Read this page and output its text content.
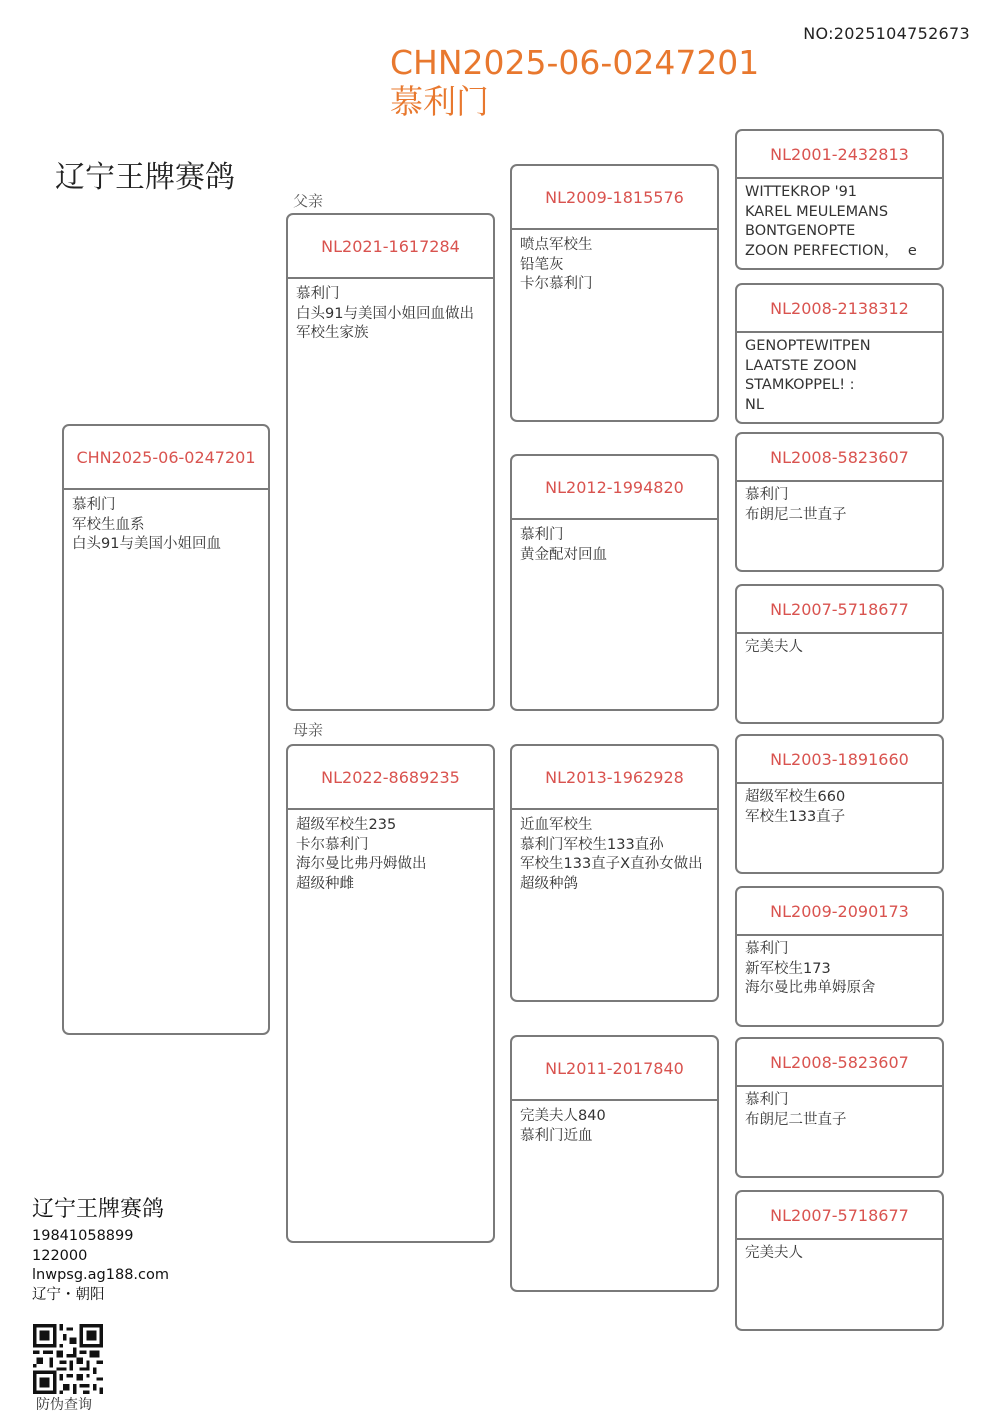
NO:2025104752673
CHN2025-06-0247201
慕利门
辽宁王牌赛鸽
父亲
母亲
CHN2025-06-0247201
慕利门
军校生血系
白头91与美国小姐回血
NL2021-1617284
慕利门
白头91与美国小姐回血做出
军校生家族
NL2022-8689235
超级军校生235
卡尔慕利门
海尔曼比弗丹姆做出
超级种雌
NL2009-1815576
喷点军校生
铅笔灰
卡尔慕利门
NL2012-1994820
慕利门
黄金配对回血
NL2013-1962928
近血军校生
慕利门军校生133直孙
军校生133直子X直孙女做出
超级种鸽
NL2011-2017840
完美夫人840
慕利门近血
NL2001-2432813
WITTEKROP '91
KAREL MEULEMANS
BONTGENOPTE
ZOON PERFECTION，  e
NL2008-2138312
GENOPTEWITPEN
LAATSTE ZOON
STAMKOPPEL! :
NL
NL2008-5823607
慕利门
布朗尼二世直子
NL2007-5718677
完美夫人
NL2003-1891660
超级军校生660
军校生133直子
NL2009-2090173
慕利门
新军校生173
海尔曼比弗单姆原舍
NL2008-5823607
慕利门
布朗尼二世直子
NL2007-5718677
完美夫人
辽宁王牌赛鸽
19841058899
122000
lnwpsg.ag188.com
辽宁・朝阳
防伪查询
